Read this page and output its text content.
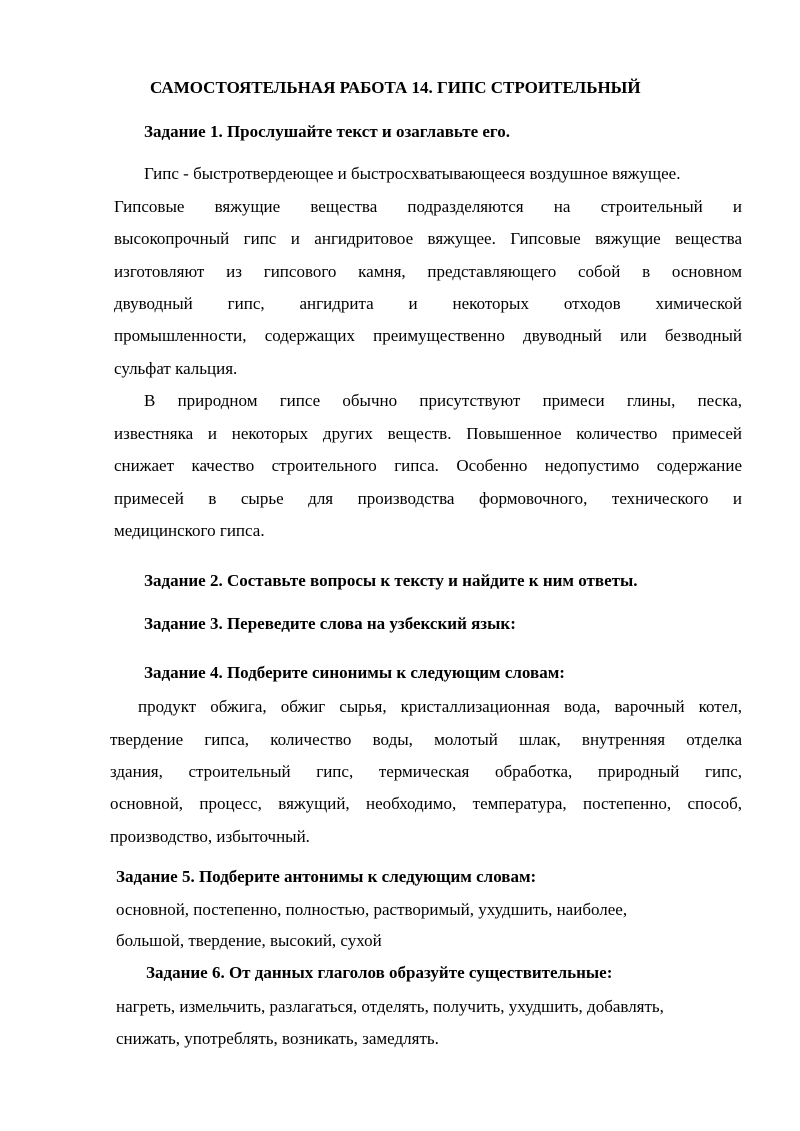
САМОСТОЯТЕЛЬНАЯ РАБОТА 14. ГИПС СТРОИТЕЛЬНЫЙ
Задание 1. Прослушайте текст и озаглавьте его.
Гипс - быстротвердеющее и быстросхватывающееся воздушное вяжущее.
Гипсовые вяжущие вещества подразделяются на строительный и
высокопрочный гипс и ангидритовое вяжущее. Гипсовые вяжущие вещества
изготовляют из гипсового камня, представляющего собой в основном
двуводный гипс, ангидрита и некоторых отходов химической
промышленности, содержащих преимущественно двуводный или безводный
сульфат кальция.
В природном гипсе обычно присутствуют примеси глины, песка,
известняка и некоторых других веществ. Повышенное количество примесей
снижает качество строительного гипса. Особенно недопустимо содержание
примесей в сырье для производства формовочного, технического и
медицинского гипса.
Задание 2. Составьте вопросы к тексту и найдите к ним ответы.
Задание 3. Переведите слова на узбекский язык:
Задание 4. Подберите синонимы к следующим словам:
продукт обжига, обжиг сырья, кристаллизационная вода, варочный котел,
твердение гипса, количество воды, молотый шлак, внутренняя отделка
здания, строительный гипс, термическая обработка, природный гипс,
основной, процесс, вяжущий, необходимо, температура, постепенно, способ,
производство, избыточный.
Задание 5. Подберите антонимы к следующим словам:
основной, постепенно, полностью, растворимый, ухудшить, наиболее,
большой, твердение, высокий, сухой
Задание 6. От данных глаголов образуйте существительные:
нагреть, измельчить, разлагаться, отделять, получить, ухудшить, добавлять,
снижать, употреблять, возникать, замедлять.
